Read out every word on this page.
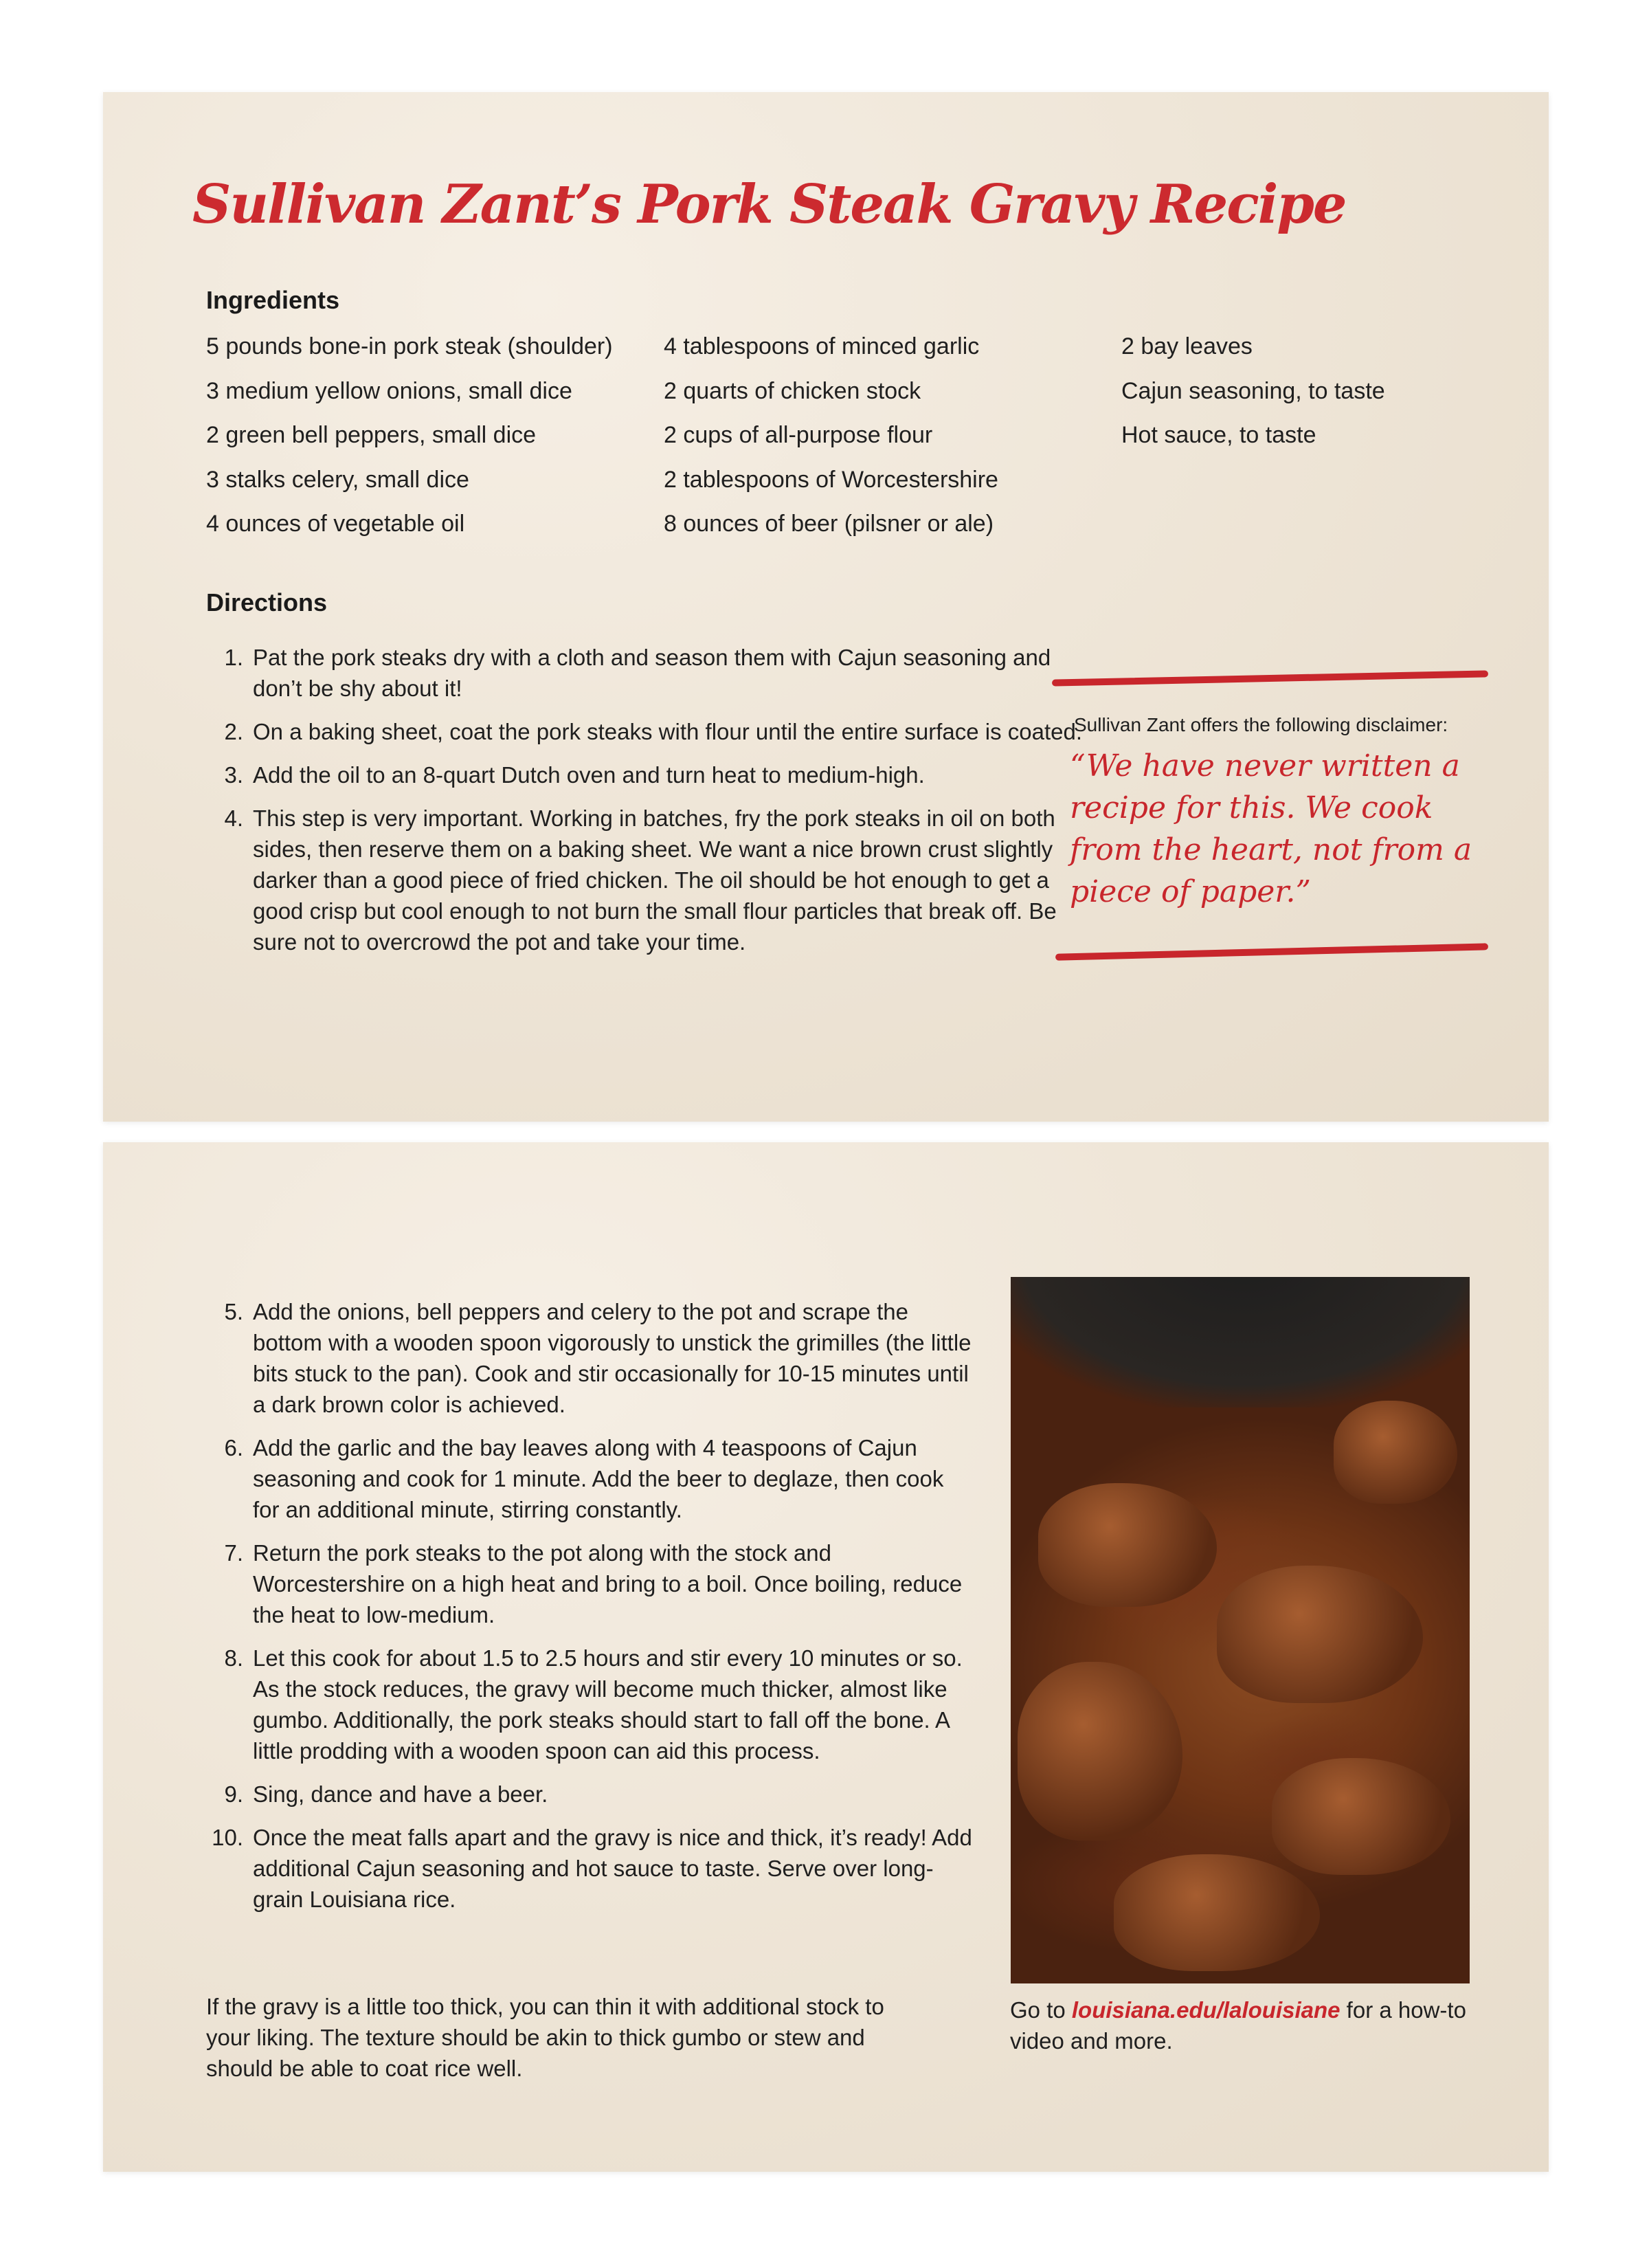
Sullivan Zant’s Pork Steak Gravy Recipe
Ingredients
5 pounds bone-in pork steak (shoulder)
3 medium yellow onions, small dice
2 green bell peppers, small dice
3 stalks celery, small dice
4 ounces of vegetable oil
4 tablespoons of minced garlic
2 quarts of chicken stock
2 cups of all-purpose flour
2 tablespoons of Worcestershire
8 ounces of beer (pilsner or ale)
2 bay leaves
Cajun seasoning, to taste
Hot sauce, to taste
Directions
1. Pat the pork steaks dry with a cloth and season them with Cajun seasoning and don’t be shy about it!
2. On a baking sheet, coat the pork steaks with flour until the entire surface is coated.
3. Add the oil to an 8-quart Dutch oven and turn heat to medium-high.
4. This step is very important. Working in batches, fry the pork steaks in oil on both sides, then reserve them on a baking sheet. We want a nice brown crust slightly darker than a good piece of fried chicken. The oil should be hot enough to get a good crisp but cool enough to not burn the small flour particles that break off. Be sure not to overcrowd the pot and take your time.
Sullivan Zant offers the following disclaimer:
“We have never written a recipe for this. We cook from the heart, not from a piece of paper.”
5. Add the onions, bell peppers and celery to the pot and scrape the bottom with a wooden spoon vigorously to unstick the grimilles (the little bits stuck to the pan). Cook and stir occasionally for 10-15 minutes until a dark brown color is achieved.
6. Add the garlic and the bay leaves along with 4 teaspoons of Cajun seasoning and cook for 1 minute. Add the beer to deglaze, then cook for an additional minute, stirring constantly.
7. Return the pork steaks to the pot along with the stock and Worcestershire on a high heat and bring to a boil. Once boiling, reduce the heat to low-medium.
8. Let this cook for about 1.5 to 2.5 hours and stir every 10 minutes or so. As the stock reduces, the gravy will become much thicker, almost like gumbo. Additionally, the pork steaks should start to fall off the bone. A little prodding with a wooden spoon can aid this process.
9. Sing, dance and have a beer.
10. Once the meat falls apart and the gravy is nice and thick, it’s ready! Add additional Cajun seasoning and hot sauce to taste. Serve over long-grain Louisiana rice.

If the gravy is a little too thick, you can thin it with additional stock to your liking. The texture should be akin to thick gumbo or stew and should be able to coat rice well.

Go to louisiana.edu/lalouisiane for a how-to video and more.
